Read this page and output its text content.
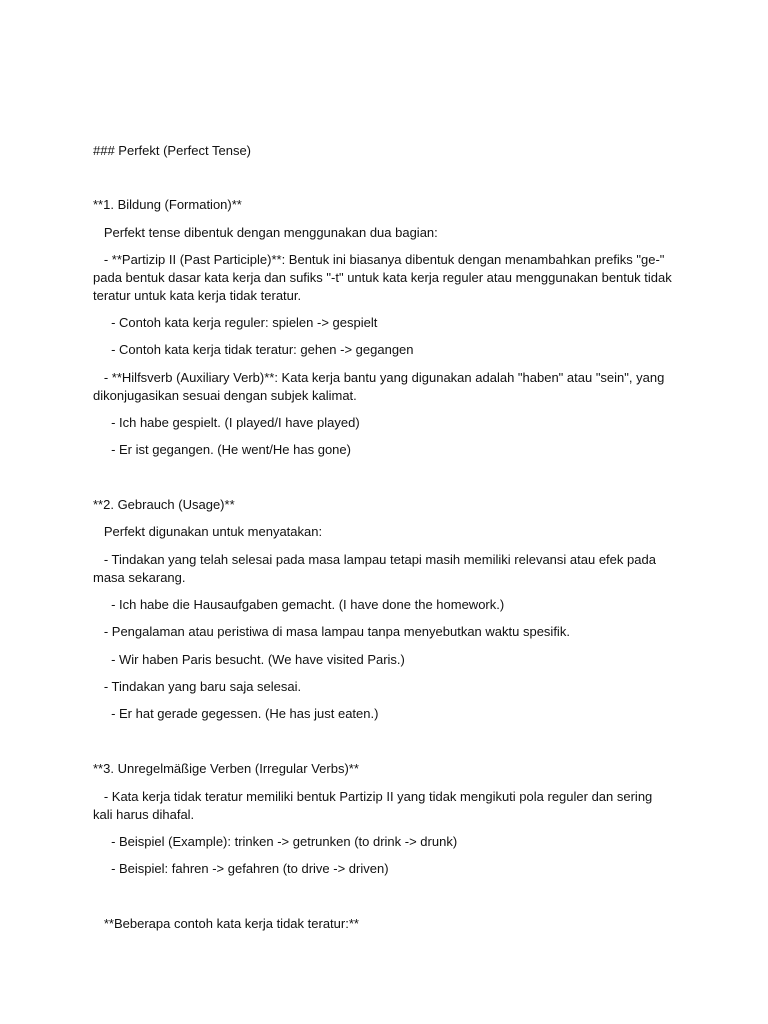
### Perfekt (Perfect Tense)

**1. Bildung (Formation)**

Perfekt tense dibentuk dengan menggunakan dua bagian:

- **Partizip II (Past Participle)**: Bentuk ini biasanya dibentuk dengan menambahkan prefiks "ge-"

pada bentuk dasar kata kerja dan sufiks "-t" untuk kata kerja reguler atau menggunakan bentuk tidak

teratur untuk kata kerja tidak teratur.

- Contoh kata kerja reguler: spielen -> gespielt

- Contoh kata kerja tidak teratur: gehen -> gegangen

- **Hilfsverb (Auxiliary Verb)**: Kata kerja bantu yang digunakan adalah "haben" atau "sein", yang

dikonjugasikan sesuai dengan subjek kalimat.

- Ich habe gespielt. (I played/I have played)

- Er ist gegangen. (He went/He has gone)

**2. Gebrauch (Usage)**

Perfekt digunakan untuk menyatakan:

- Tindakan yang telah selesai pada masa lampau tetapi masih memiliki relevansi atau efek pada

masa sekarang.

- Ich habe die Hausaufgaben gemacht. (I have done the homework.)

- Pengalaman atau peristiwa di masa lampau tanpa menyebutkan waktu spesifik.

- Wir haben Paris besucht. (We have visited Paris.)

- Tindakan yang baru saja selesai.

- Er hat gerade gegessen. (He has just eaten.)

**3. Unregelmäßige Verben (Irregular Verbs)**

- Kata kerja tidak teratur memiliki bentuk Partizip II yang tidak mengikuti pola reguler dan sering

kali harus dihafal.

- Beispiel (Example): trinken -> getrunken (to drink -> drunk)

- Beispiel: fahren -> gefahren (to drive -> driven)

**Beberapa contoh kata kerja tidak teratur:**
